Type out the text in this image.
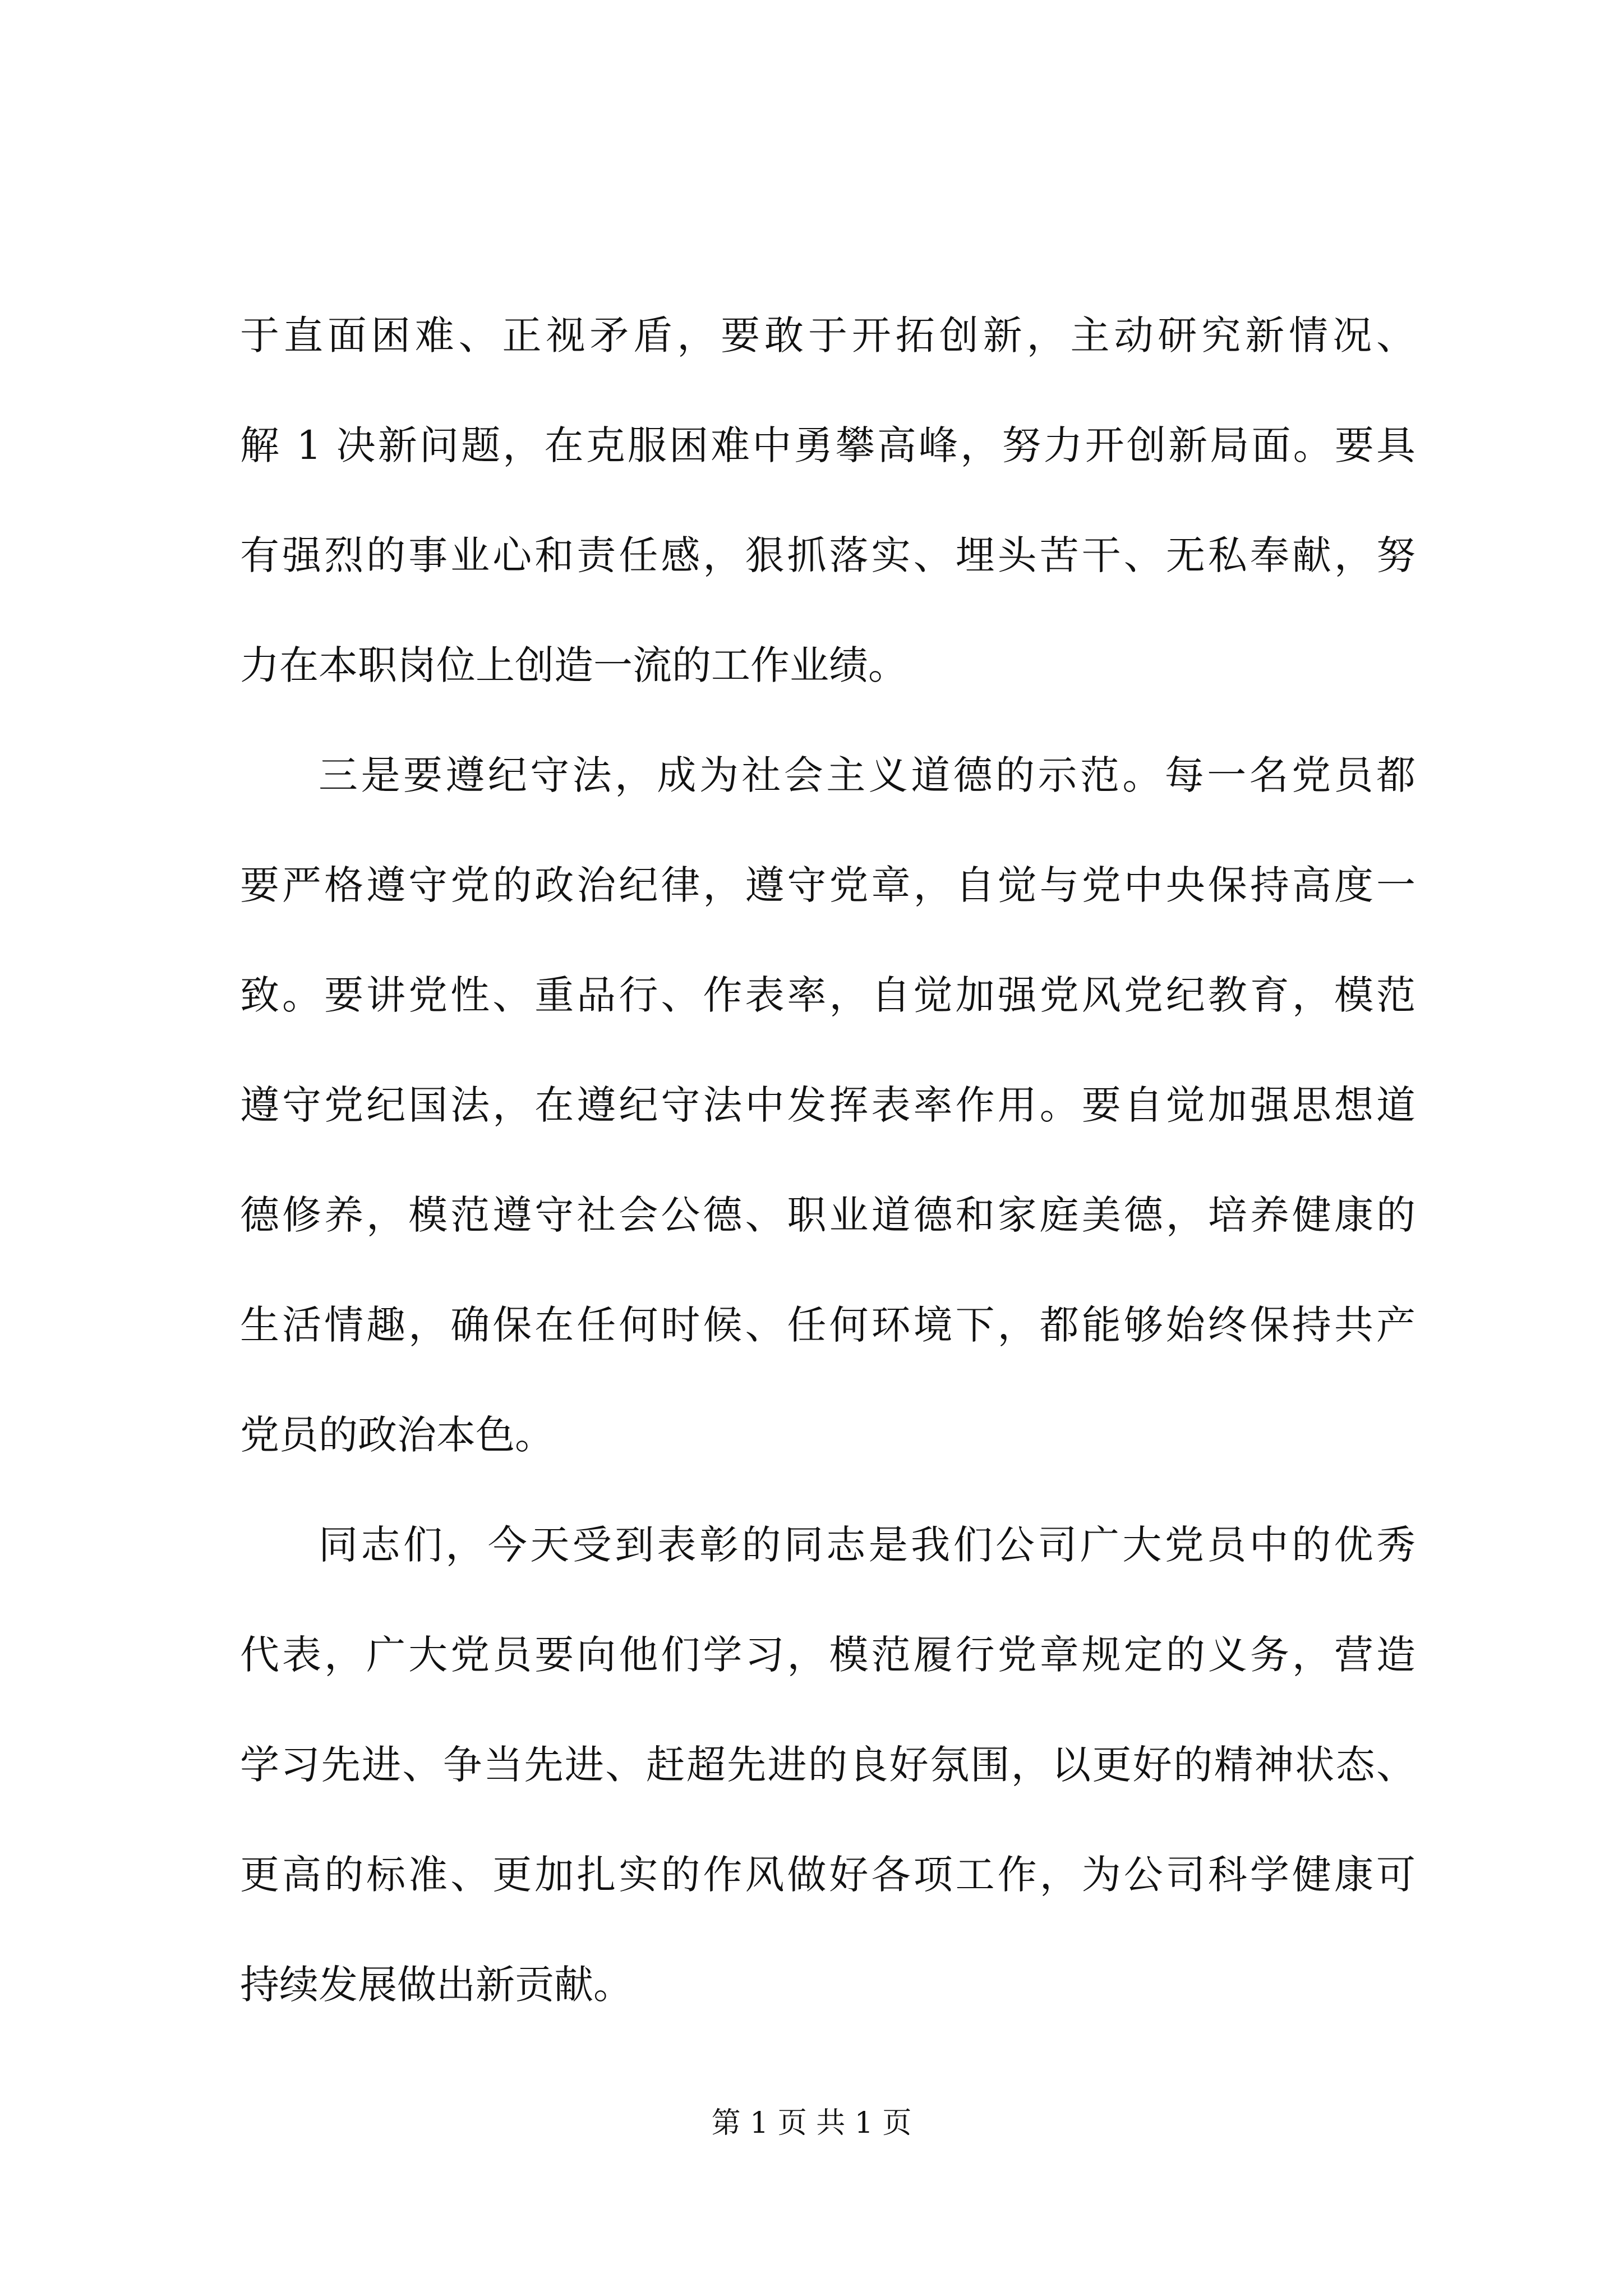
于直面困难、正视矛盾，要敢于开拓创新，主动研究新情况、
解 1 决新问题，在克服困难中勇攀高峰，努力开创新局面。要具
有强烈的事业心和责任感，狠抓落实、埋头苦干、无私奉献，努
力在本职岗位上创造一流的工作业绩。
三是要遵纪守法，成为社会主义道德的示范。每一名党员都
要严格遵守党的政治纪律，遵守党章，自觉与党中央保持高度一
致。要讲党性、重品行、作表率，自觉加强党风党纪教育，模范
遵守党纪国法，在遵纪守法中发挥表率作用。要自觉加强思想道
德修养，模范遵守社会公德、职业道德和家庭美德，培养健康的
生活情趣，确保在任何时候、任何环境下，都能够始终保持共产
党员的政治本色。
同志们，今天受到表彰的同志是我们公司广大党员中的优秀
代表，广大党员要向他们学习，模范履行党章规定的义务，营造
学习先进、争当先进、赶超先进的良好氛围，以更好的精神状态、
更高的标准、更加扎实的作风做好各项工作，为公司科学健康可
持续发展做出新贡献。
第 1 页 共 1 页
